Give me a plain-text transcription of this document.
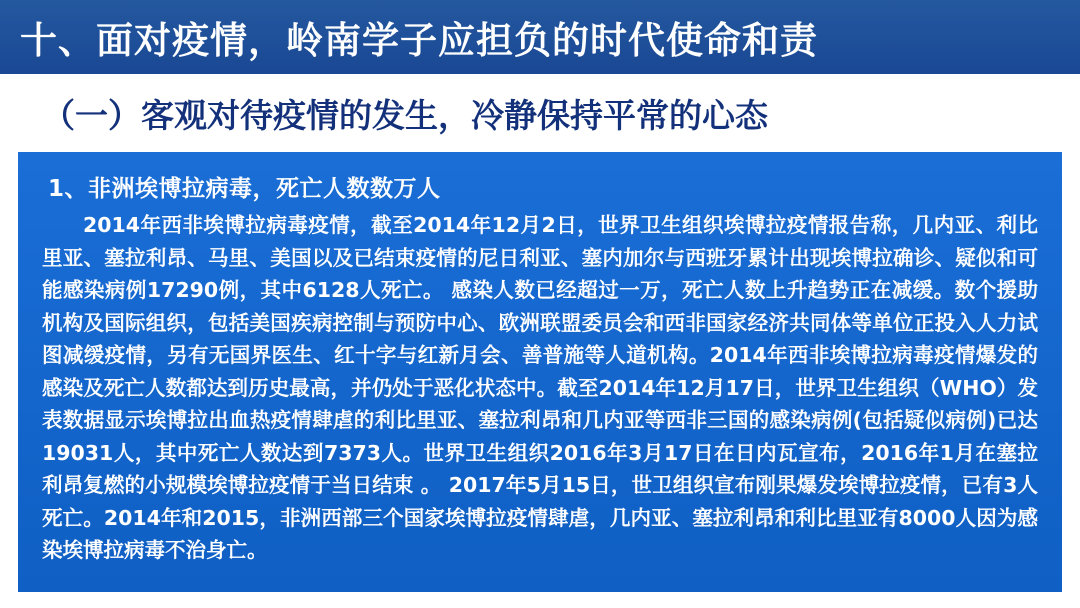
十、面对疫情，岭南学子应担负的时代使命和责
（一）客观对待疫情的发生，冷静保持平常的心态
1、非洲埃博拉病毒，死亡人数数万人

2014年西非埃博拉病毒疫情，截至2014年12月2日，世界卫生组织埃博拉疫情报告称，几内亚、利比里亚、塞拉利昂、马里、美国以及已结束疫情的尼日利亚、塞内加尔与西班牙累计出现埃博拉确诊、疑似和可能感染病例17290例，其中6128人死亡。 感染人数已经超过一万，死亡人数上升趋势正在减缓。数个援助机构及国际组织，包括美国疾病控制与预防中心、欧洲联盟委员会和西非国家经济共同体等单位正投入人力试图减缓疫情，另有无国界医生、红十字与红新月会、善普施等人道机构。2014年西非埃博拉病毒疫情爆发的感染及死亡人数都达到历史最高，并仍处于恶化状态中。截至2014年12月17日，世界卫生组织（WHO）发表数据显示埃博拉出血热疫情肆虐的利比里亚、塞拉利昂和几内亚等西非三国的感染病例(包括疑似病例)已达19031人，其中死亡人数达到7373人。世界卫生组织2016年3月17日在日内瓦宣布，2016年1月在塞拉利昂复燃的小规模埃博拉疫情于当日结束 。 2017年5月15日，世卫组织宣布刚果爆发埃博拉疫情，已有3人死亡。2014年和2015，非洲西部三个国家埃博拉疫情肆虐，几内亚、塞拉利昂和利比里亚有8000人因为感染埃博拉病毒不治身亡。
